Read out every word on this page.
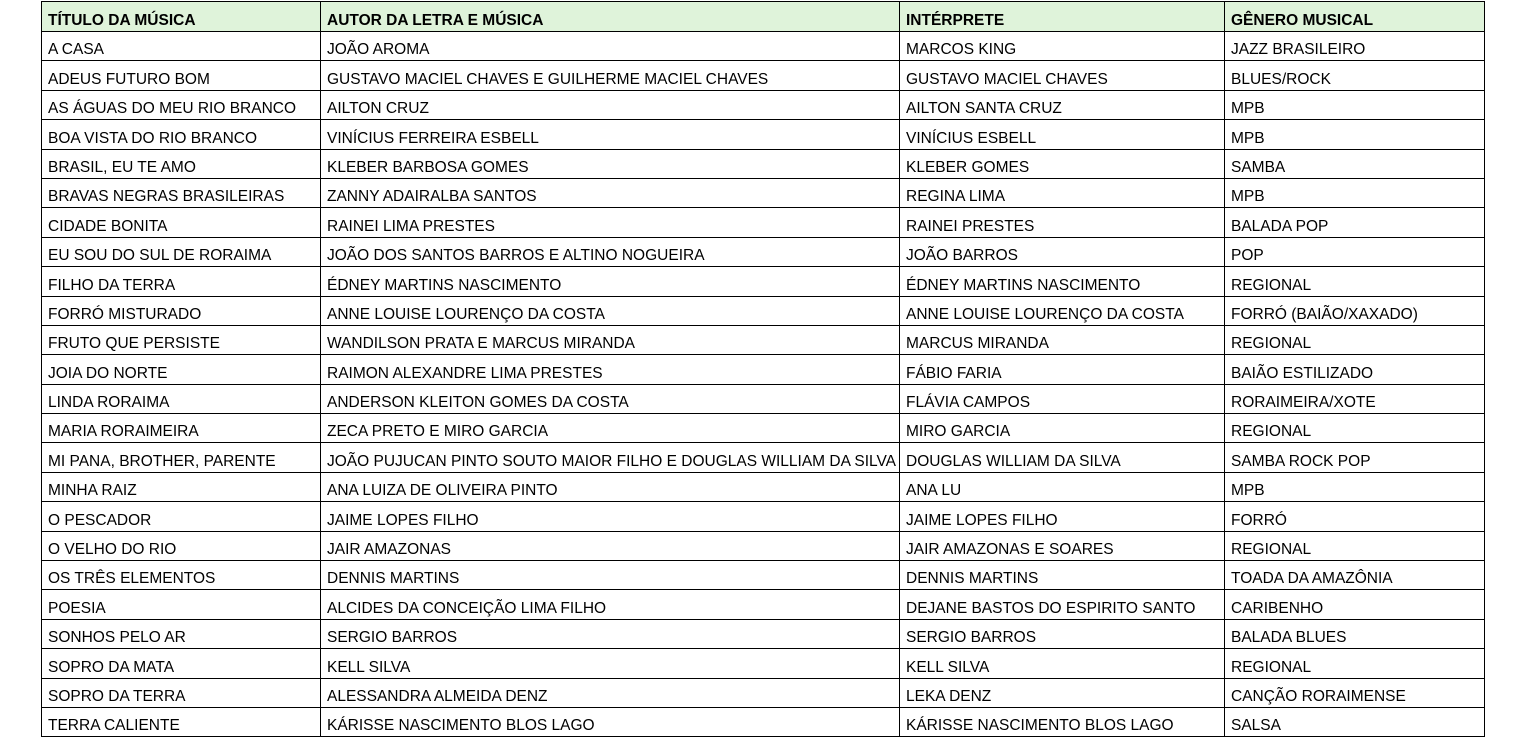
TÍTULO DA MÚSICA	AUTOR DA LETRA E MÚSICA	INTÉRPRETE	GÊNERO MUSICAL
A CASA	JOÃO AROMA	MARCOS KING	JAZZ BRASILEIRO
ADEUS FUTURO BOM	GUSTAVO MACIEL CHAVES E GUILHERME MACIEL CHAVES	GUSTAVO MACIEL CHAVES	BLUES/ROCK
AS ÁGUAS DO MEU RIO BRANCO	AILTON CRUZ	AILTON SANTA CRUZ	MPB
BOA VISTA DO RIO BRANCO	VINÍCIUS FERREIRA ESBELL	VINÍCIUS ESBELL	MPB
BRASIL, EU TE AMO	KLEBER BARBOSA GOMES	KLEBER GOMES	SAMBA
BRAVAS NEGRAS BRASILEIRAS	ZANNY ADAIRALBA SANTOS	REGINA LIMA	MPB
CIDADE BONITA	RAINEI LIMA PRESTES	RAINEI PRESTES	BALADA POP
EU SOU DO SUL DE RORAIMA	JOÃO DOS SANTOS BARROS E ALTINO NOGUEIRA	JOÃO BARROS	POP
FILHO DA TERRA	ÉDNEY MARTINS NASCIMENTO	ÉDNEY MARTINS NASCIMENTO	REGIONAL
FORRÓ MISTURADO	ANNE LOUISE LOURENÇO DA COSTA	ANNE LOUISE LOURENÇO DA COSTA	FORRÓ (BAIÃO/XAXADO)
FRUTO QUE PERSISTE	WANDILSON PRATA E MARCUS MIRANDA	MARCUS MIRANDA	REGIONAL
JOIA DO NORTE	RAIMON ALEXANDRE LIMA PRESTES	FÁBIO FARIA	BAIÃO ESTILIZADO
LINDA RORAIMA	ANDERSON KLEITON GOMES DA COSTA	FLÁVIA CAMPOS	RORAIMEIRA/XOTE
MARIA RORAIMEIRA	ZECA PRETO E MIRO GARCIA	MIRO GARCIA	REGIONAL
MI PANA, BROTHER, PARENTE	JOÃO PUJUCAN PINTO SOUTO MAIOR FILHO E DOUGLAS WILLIAM DA SILVA	DOUGLAS WILLIAM DA SILVA	SAMBA ROCK POP
MINHA RAIZ	ANA LUIZA DE OLIVEIRA PINTO	ANA LU	MPB
O PESCADOR	JAIME LOPES FILHO	JAIME LOPES FILHO	FORRÓ
O VELHO DO RIO	JAIR AMAZONAS	JAIR AMAZONAS E SOARES	REGIONAL
OS TRÊS ELEMENTOS	DENNIS MARTINS	DENNIS MARTINS	TOADA DA AMAZÔNIA
POESIA	ALCIDES DA CONCEIÇÃO LIMA FILHO	DEJANE BASTOS DO ESPIRITO SANTO	CARIBENHO
SONHOS PELO AR	SERGIO BARROS	SERGIO BARROS	BALADA BLUES
SOPRO DA MATA	KELL SILVA	KELL SILVA	REGIONAL
SOPRO DA TERRA	ALESSANDRA ALMEIDA DENZ	LEKA DENZ	CANÇÃO RORAIMENSE
TERRA CALIENTE	KÁRISSE NASCIMENTO BLOS LAGO	KÁRISSE NASCIMENTO BLOS LAGO	SALSA
